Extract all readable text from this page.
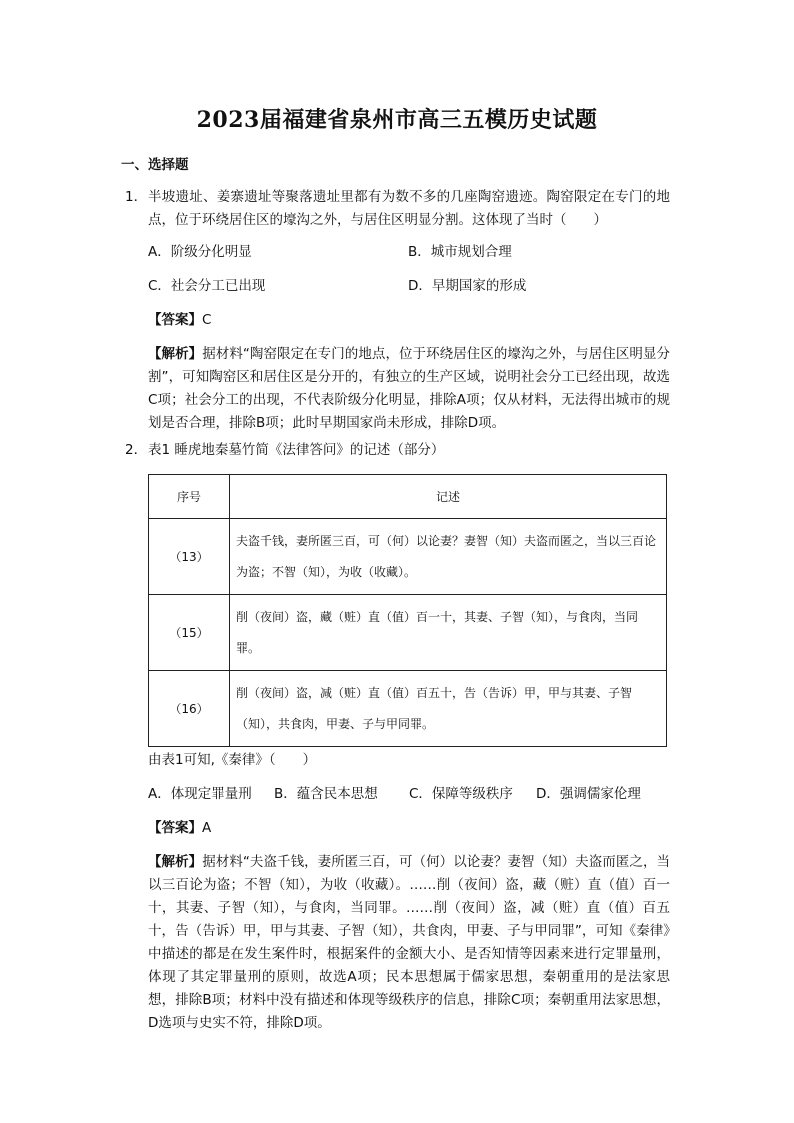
2023届福建省泉州市高三五模历史试题
一、选择题
1． 半坡遗址、姜寨遗址等聚落遗址里都有为数不多的几座陶窑遗迹。陶窑限定在专门的地点，位于环绕居住区的壕沟之外，与居住区明显分割。这体现了当时（　　）
A．阶级分化明显	B．城市规划合理
C．社会分工已出现	D．早期国家的形成
【答案】C
【解析】据材料“陶窑限定在专门的地点，位于环绕居住区的壕沟之外，与居住区明显分割”，可知陶窑区和居住区是分开的，有独立的生产区域，说明社会分工已经出现，故选C项；社会分工的出现，不代表阶级分化明显，排除A项；仅从材料，无法得出城市的规划是否合理，排除B项；此时早期国家尚未形成，排除D项。
2． 表1 睡虎地秦墓竹简《法律答问》的记述（部分）
序号	记述
（13）	夫盗千钱，妻所匿三百，可（何）以论妻？妻智（知）夫盗而匿之，当以三百论为盗；不智（知），为收（收藏）。
（15）	削（夜间）盗，藏（赃）直（值）百一十，其妻、子智（知），与食肉，当同罪。
（16）	削（夜间）盗，减（赃）直（值）百五十，告（告诉）甲，甲与其妻、子智（知），共食肉，甲妻、子与甲同罪。
由表1可知,《秦律》（　　）
A．体现定罪量刑 B．蕴含民本思想 C．保障等级秩序 D．强调儒家伦理
【答案】A
【解析】据材料“夫盗千钱，妻所匿三百，可（何）以论妻？妻智（知）夫盗而匿之，当以三百论为盗；不智（知），为收（收藏）。……削（夜间）盗，藏（赃）直（值）百一十，其妻、子智（知），与食肉，当同罪。……削（夜间）盗，减（赃）直（值）百五十，告（告诉）甲，甲与其妻、子智（知），共食肉，甲妻、子与甲同罪”，可知《秦律》中描述的都是在发生案件时，根据案件的金额大小、是否知情等因素来进行定罪量刑，体现了其定罪量刑的原则，故选A项；民本思想属于儒家思想，秦朝重用的是法家思想，排除B项；材料中没有描述和体现等级秩序的信息，排除C项；秦朝重用法家思想，D选项与史实不符，排除D项。
